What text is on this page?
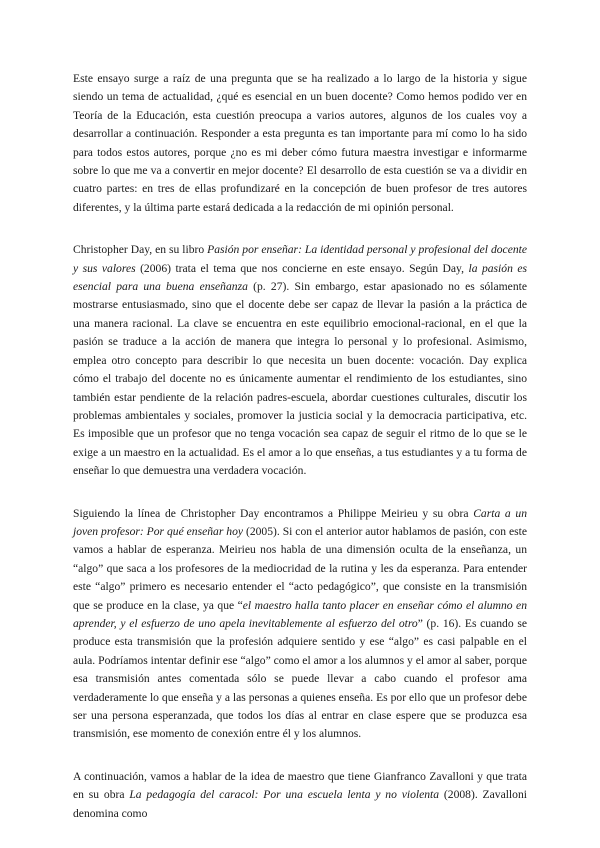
Este ensayo surge a raíz de una pregunta que se ha realizado a lo largo de la historia y sigue siendo un tema de actualidad, ¿qué es esencial en un buen docente? Como hemos podido ver en Teoría de la Educación, esta cuestión preocupa a varios autores, algunos de los cuales voy a desarrollar a continuación. Responder a esta pregunta es tan importante para mí como lo ha sido para todos estos autores, porque ¿no es mi deber cómo futura maestra investigar e informarme sobre lo que me va a convertir en mejor docente? El desarrollo de esta cuestión se va a dividir en cuatro partes: en tres de ellas profundizaré en la concepción de buen profesor de tres autores diferentes, y la última parte estará dedicada a la redacción de mi opinión personal.

Christopher Day, en su libro Pasión por enseñar: La identidad personal y profesional del docente y sus valores (2006) trata el tema que nos concierne en este ensayo. Según Day, la pasión es esencial para una buena enseñanza (p. 27). Sin embargo, estar apasionado no es sólamente mostrarse entusiasmado, sino que el docente debe ser capaz de llevar la pasión a la práctica de una manera racional. La clave se encuentra en este equilibrio emocional-racional, en el que la pasión se traduce a la acción de manera que integra lo personal y lo profesional. Asimismo, emplea otro concepto para describir lo que necesita un buen docente: vocación. Day explica cómo el trabajo del docente no es únicamente aumentar el rendimiento de los estudiantes, sino también estar pendiente de la relación padres-escuela, abordar cuestiones culturales, discutir los problemas ambientales y sociales, promover la justicia social y la democracia participativa, etc. Es imposible que un profesor que no tenga vocación sea capaz de seguir el ritmo de lo que se le exige a un maestro en la actualidad. Es el amor a lo que enseñas, a tus estudiantes y a tu forma de enseñar lo que demuestra una verdadera vocación.

Siguiendo la línea de Christopher Day encontramos a Philippe Meirieu y su obra Carta a un joven profesor: Por qué enseñar hoy (2005). Si con el anterior autor hablamos de pasión, con este vamos a hablar de esperanza. Meirieu nos habla de una dimensión oculta de la enseñanza, un “algo” que saca a los profesores de la mediocridad de la rutina y les da esperanza. Para entender este “algo” primero es necesario entender el “acto pedagógico”, que consiste en la transmisión que se produce en la clase, ya que “el maestro halla tanto placer en enseñar cómo el alumno en aprender, y el esfuerzo de uno apela inevitablemente al esfuerzo del otro” (p. 16). Es cuando se produce esta transmisión que la profesión adquiere sentido y ese “algo” es casi palpable en el aula. Podríamos intentar definir ese “algo” como el amor a los alumnos y el amor al saber, porque esa transmisión antes comentada sólo se puede llevar a cabo cuando el profesor ama verdaderamente lo que enseña y a las personas a quienes enseña. Es por ello que un profesor debe ser una persona esperanzada, que todos los días al entrar en clase espere que se produzca esa transmisión, ese momento de conexión entre él y los alumnos.

A continuación, vamos a hablar de la idea de maestro que tiene Gianfranco Zavalloni y que trata en su obra La pedagogía del caracol: Por una escuela lenta y no violenta (2008). Zavalloni denomina como
